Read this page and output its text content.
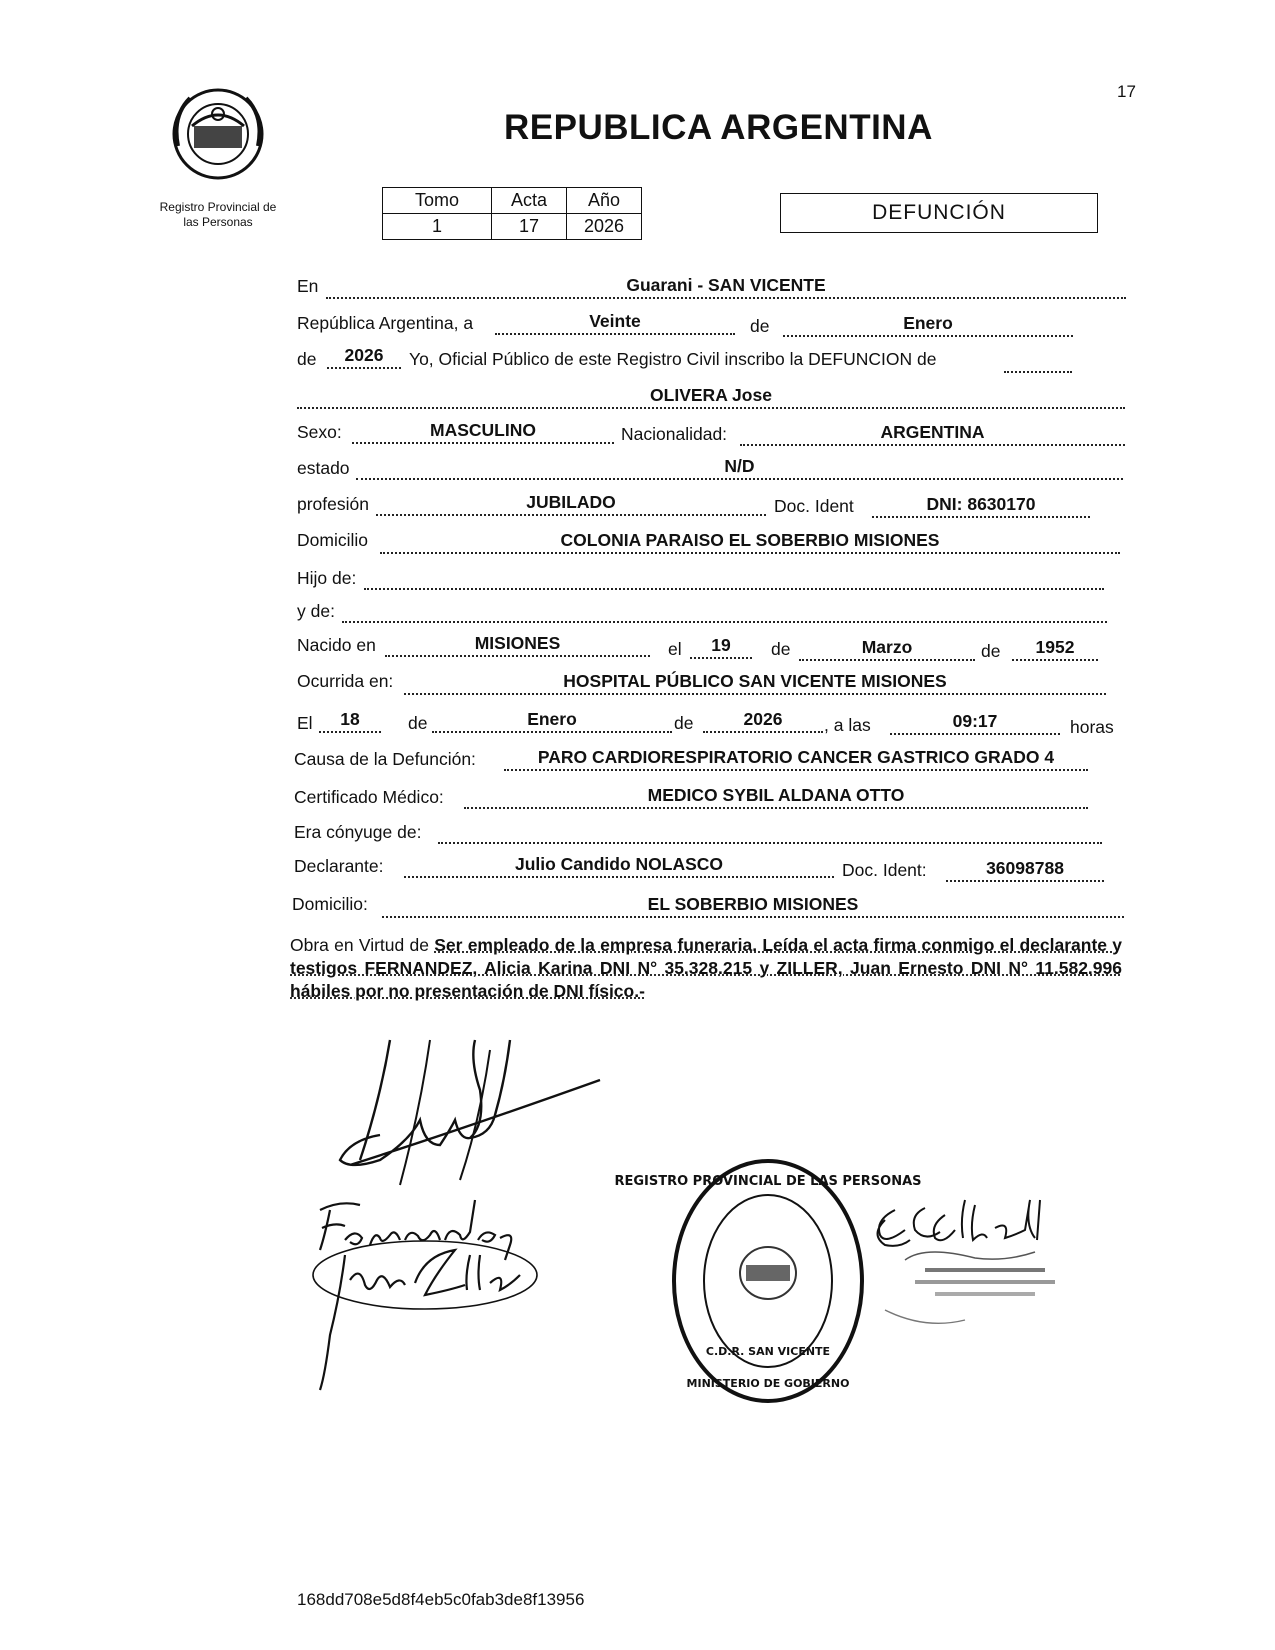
Registro Provincial de
las Personas
REPUBLICA ARGENTINA
17
Tomo	Acta	Año
1	17	2026
DEFUNCIÓN
En	Guarani - SAN VICENTE
República Argentina, a	Veinte	de	Enero
de	2026	Yo, Oficial Público de este Registro Civil inscribo la DEFUNCION de
OLIVERA Jose
Sexo:	MASCULINO	Nacionalidad:	ARGENTINA
estado	N/D
profesión	JUBILADO	Doc. Ident	DNI: 8630170
Domicilio	COLONIA PARAISO EL SOBERBIO MISIONES
Hijo de:
y de:
Nacido en	MISIONES	el	19	de	Marzo	de	1952
Ocurrida en:	HOSPITAL PÚBLICO SAN VICENTE MISIONES
El	18	de	Enero	de	2026	, a las	09:17	horas
Causa de la Defunción:	PARO CARDIORESPIRATORIO CANCER GASTRICO GRADO 4
Certificado Médico:	MEDICO SYBIL ALDANA OTTO
Era cónyuge de:
Declarante:	Julio Candido NOLASCO	Doc. Ident:	36098788
Domicilio:	EL SOBERBIO MISIONES
Obra en Virtud de Ser empleado de la empresa funeraria. Leída el acta firma conmigo el declarante y testigos FERNANDEZ, Alicia Karina DNI N° 35.328.215 y ZILLER, Juan Ernesto DNI N° 11.582.996 hábiles por no presentación de DNI físico.-
REGISTRO PROVINCIAL DE LAS PERSONAS
C.D.R. SAN VICENTE
MINISTERIO DE GOBIERNO
168dd708e5d8f4eb5c0fab3de8f13956
